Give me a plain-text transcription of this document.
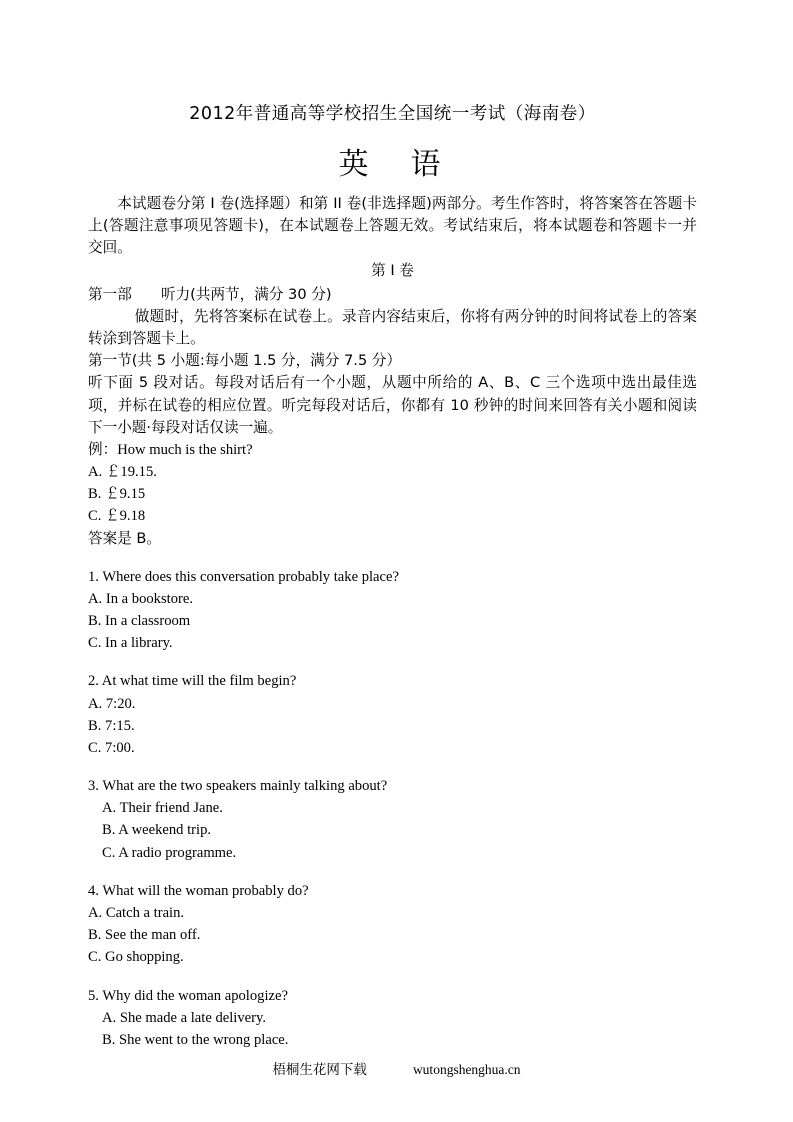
2012年普通高等学校招生全国统一考试（海南卷）
英　语

本试题卷分第 I 卷(选择题）和第 II 卷(非选择题)两部分。考生作答时，将答案答在答题卡上(答题注意事项见答题卡)，在本试题卷上答题无效。考试结束后，将本试题卷和答题卡一并交回。

第 I 卷

第一部　　听力(共两节，满分 30 分)

做题时，先将答案标在试卷上。录音内容结束后，你将有两分钟的时间将试卷上的答案转涂到答题卡上。

第一节(共 5 小题:每小题 1.5 分，满分 7.5 分）

听下面 5 段对话。每段对话后有一个小题，从题中所给的 A、B、C 三个选项中选出最佳选项，并标在试卷的相应位置。听完每段对话后，你都有 10 秒钟的时间来回答有关小题和阅读下一小题·每段对话仅读一遍。

例：How much is the shirt?

A. ￡19.15.

B. ￡9.15

C. ￡9.18

答案是 B。

1. Where does this conversation probably take place?

A. In a bookstore.

B. In a classroom

C. In a library.

2. At what time will the film begin?

A. 7:20.

B. 7:15.

C. 7:00.

3. What are the two speakers mainly talking about?

A. Their friend Jane.

B. A weekend trip.

C. A radio programme.

4. What will the woman probably do?

A. Catch a train.

B. See the man off.

C. Go shopping.

5. Why did the woman apologize?

A. She made a late delivery.

B. She went to the wrong place.

梧桐生花网下载	wutongshenghua.cn
